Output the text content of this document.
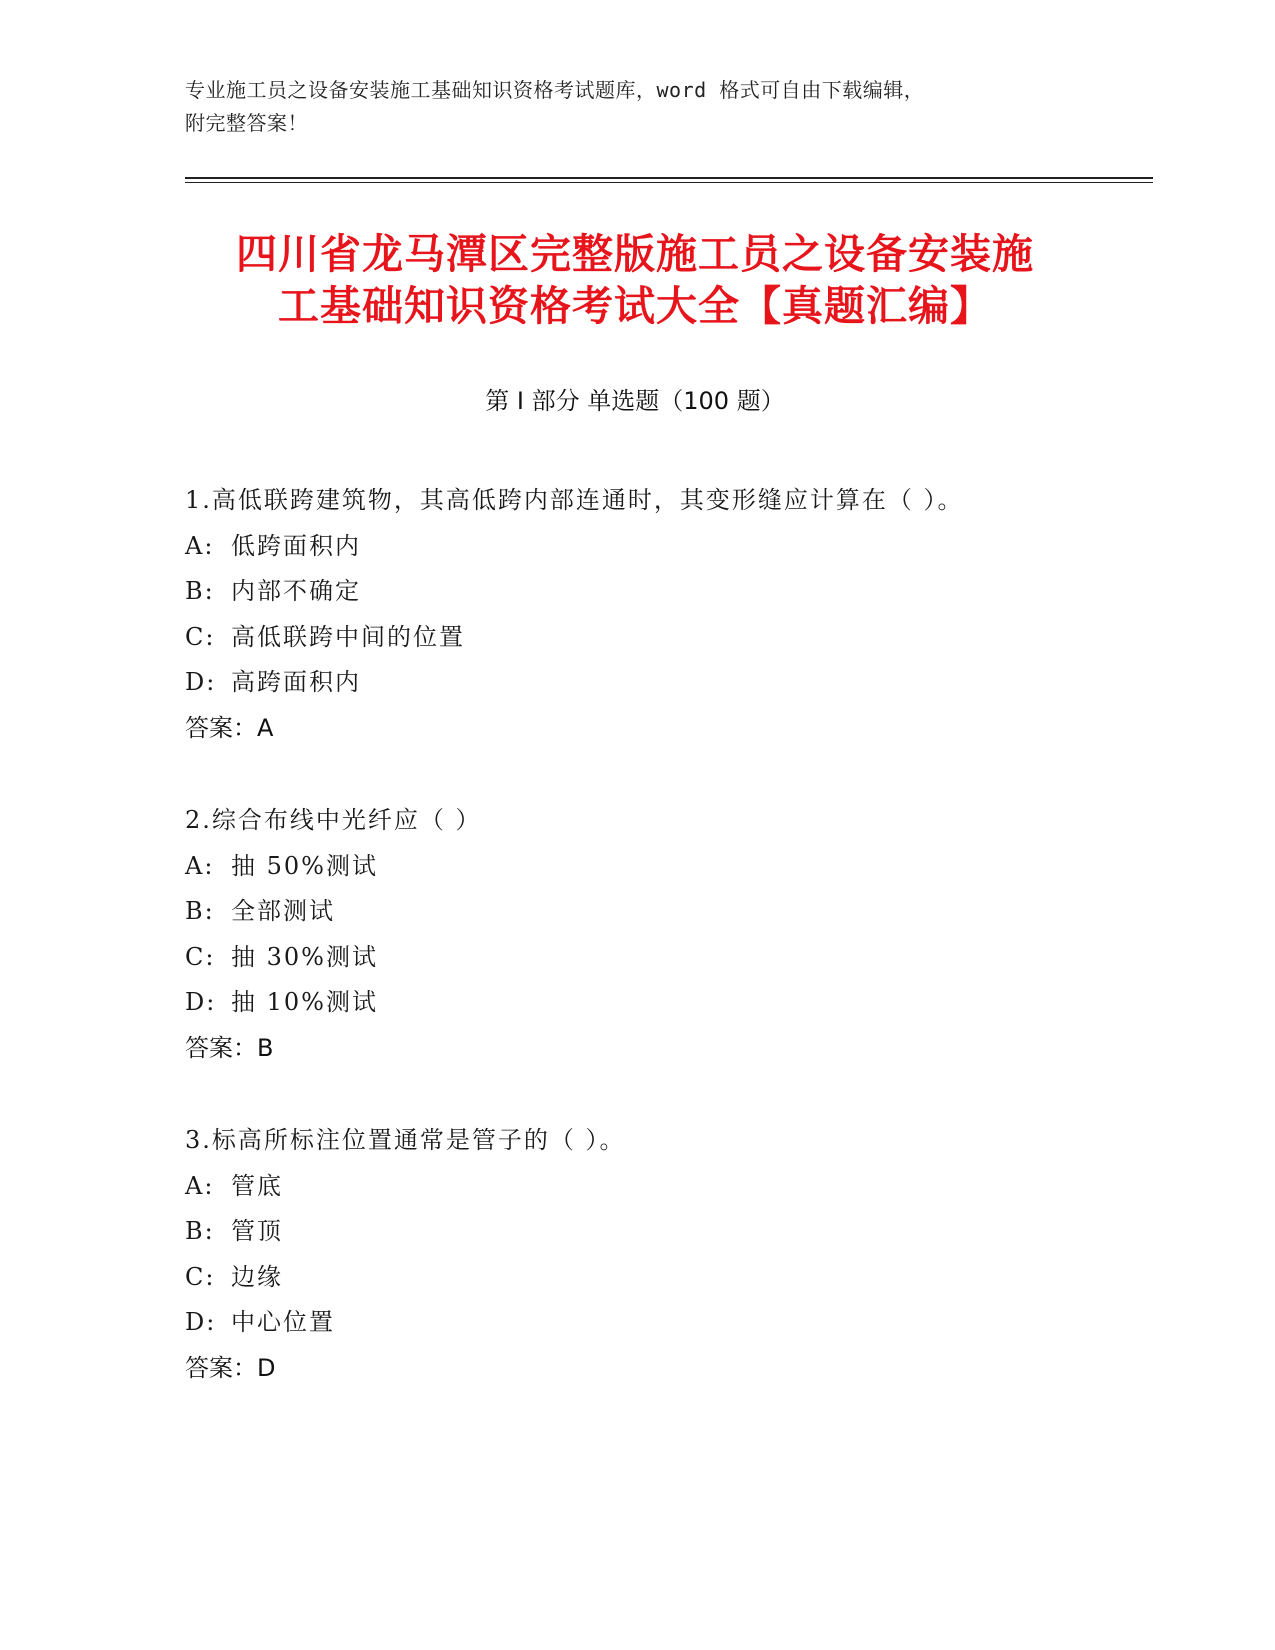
专业施工员之设备安装施工基础知识资格考试题库，word 格式可自由下载编辑，
附完整答案！
四川省龙马潭区完整版施工员之设备安装施
工基础知识资格考试大全【真题汇编】
第 I 部分 单选题（100 题）
1.高低联跨建筑物，其高低跨内部连通时，其变形缝应计算在（ ）。
A: 低跨面积内
B: 内部不确定
C: 高低联跨中间的位置
D: 高跨面积内
答案：A
2.综合布线中光纤应（ ）
A: 抽 50%测试
B: 全部测试
C: 抽 30%测试
D: 抽 10%测试
答案：B
3.标高所标注位置通常是管子的（ ）。
A: 管底
B: 管顶
C: 边缘
D: 中心位置
答案：D
